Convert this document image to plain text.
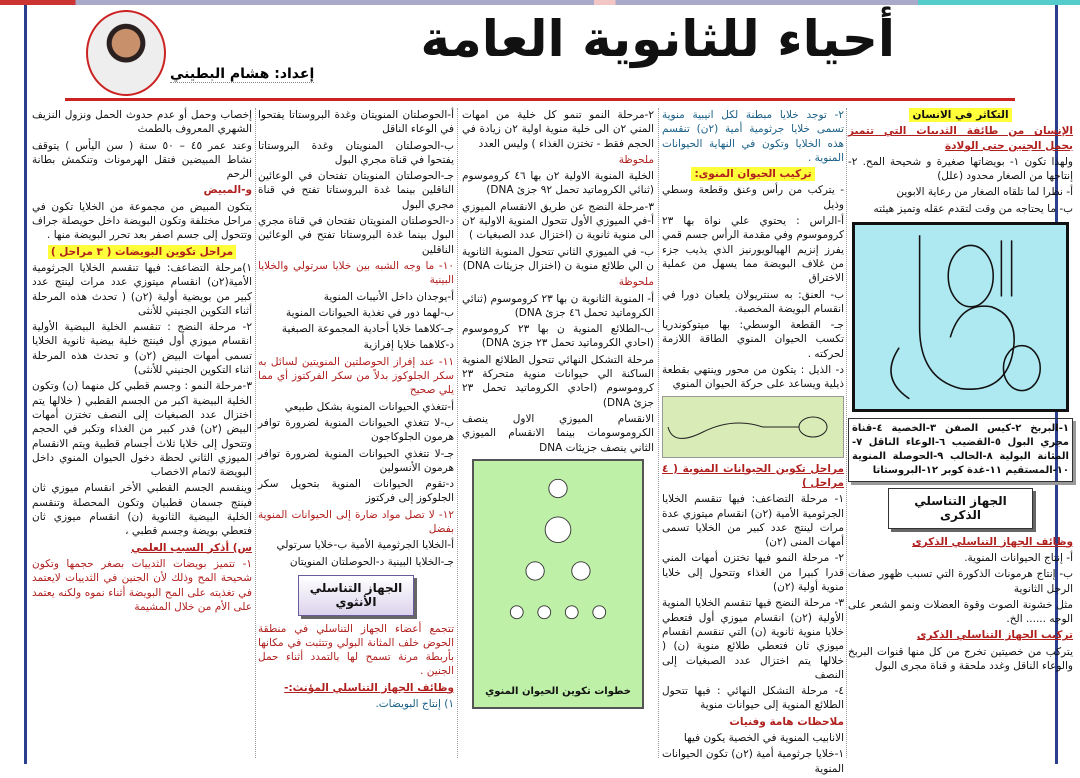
إعداد: هشام البطيني
أحياء للثانوية العامة

التكاثر في الانسان

الإنسان من طائفة الثدييات التي تتميز بحمل الجنين حتى الولادة

ولهذا تكون ١- بويضاتها صغيرة و شحيحة المح. ٢- إنتاجها من الصغار محدود (علل)

أ- نظرا لما تلقاه الصغار من رعاية الابوين

ب- ما يحتاجه من وقت لتقدم عقله وتميز هيئته

١-البربخ ٢-كيس الصفن ٣-الخصية ٤-قناة مجري البول ٥-القضيب ٦-الوعاء الناقل ٧-المثانة البولية ٨-الحالب ٩-الحوصلة المنوية ١٠-المستقيم ١١-غدة كوبر ١٢-البروستاتا
الجهاز التناسلي الذكرى

وظائف الجهاز التناسلي الذكرى

أ- إنتاج الحيوانات المنوية.

ب- إنتاج هرمونات الذكورة التي تسبب ظهور صفات الرجل الثانوية

مثل خشونة الصوت وقوة العضلات ونمو الشعر على الوجه ...... الخ.

تركيب الجهاز التناسلي الذكرى

يتركب من خصيتين تخرج من كل منها قنوات البربخ والوعاء الناقل وغدد ملحقة و قناة مجرى البول

٢- توجد خلايا مبطنة لكل انيبية منوية تسمى خلايا جرثومية أمية (٢ن) تنقسم هذه الخلايا وتكون في النهاية الحيوانات المنوية .

تركيب الحيوان المنوى:

- يتركب من رأس وعنق وقطعة وسطي وذيل

أ-الراس : يحتوي علي نواة بها ٢٣ كروموسوم وفي مقدمة الرأس جسم قمي يفرز إنزيم الهيالويورنيز الذي يذيب جزء من غلاف البويضة مما يسهل من عملية الاختراق

ب- العنق: به سنتريولان يلعبان دورا في انقسام البويضة المخصبة.

جـ- القطعة الوسطي: بها ميتوكوندريا تكسب الحيوان المنوي الطاقة اللازمة لحركته .

د- الذيل : يتكون من محور وينتهي بقطعة ذيلية ويساعد على حركة الحيوان المنوي

مراحل تكوين الحيوانات المنوية ( ٤ مراحل )

١- مرحلة التضاعف: فيها تنقسم الخلايا الجرثومية الأمية (٢ن) انقسام ميتوزي عدة مرات لينتج عدد كبير من الخلايا تسمى أمهات المنى (٢ن)

٢- مرحلة النمو فيها تختزن أمهات المني قدرا كبيرا من الغذاء وتتحول إلى خلايا منوية أولية (٢ن)

٣- مرحلة النضج فيها تنقسم الخلايا المنوية الأولية (٢ن) انقسام ميوزي أول فتعطي خلايا منوية ثانوية (ن) التي تنقسم انقسام ميوزي ثان فتعطي طلائع منوية (ن) ( خلالها يتم اختزال عدد الصبغيات إلى النصف

٤- مرحلة التشكل النهائي : فيها تتحول الطلائع المنوية إلى حيوانات منوية

ملاحظات هامة وفنيات

الانابيب المنوية في الخصية يكون فيها

١-خلايا جرثومية أمية (٢ن) تكون الحيوانات المنوية

٢-مرحلة النمو تنمو كل خلية من امهات المني ٢ن الى خلية منوية اولية ٢ن زيادة في الحجم فقط - تختزن الغذاء ) وليس العدد

ملحوظة

الخلية المنوية الاولية ٢ن بها ٤٦ كروموسوم (ثنائي الكروماتيد تحمل ٩٢ جزئ DNA)

٣-مرحلة النضج عن طريق الانقسام الميوزي أ-في الميوزي الأول تتحول المنوية الاولية ٢ن الى منوية ثانوية ن (اختزال عدد الصبغيات )

ب- في الميوزي الثاني تتحول المنوية الثانوية ن الي طلائع منوية ن (اختزال جزيئات DNA)

ملحوظة

أ- المنوية الثانوية ن بها ٢٣ كروموسوم (ثنائي الكروماتيد تحمل ٤٦ جزئ DNA)

ب-الطلائع المنوية ن بها ٢٣ كروموسوم (احادي الكروماتيد تحمل ٢٣ جزئ DNA)

مرحلة التشكل النهائي تتحول الطلائع المنوية الساكنة الي حيوانات منوية متحركة ٢٣ كروموسوم (احادي الكروماتيد تحمل ٢٣ جزئ DNA)

الانقسام الميوزي الاول ينصف الكروموسومات بينما الانقسام الميوزي الثاني ينصف جزيئات DNA

خطوات تكوين الحيوان المنوي

أ-الحوصلتان المنويتان وغدة البروستاتا يفتحوا في الوعاء الناقل

ب-الحوصلتان المنويتان وغدة البروستاتا يفتحوا في قناة مجري البول

جـ-الحوصلتان المنويتان تفتحان في الوعائين الناقلين بينما غدة البروستاتا تفتح في قناة مجري البول

د-الحوصلتان المنويتان تفتحان في قناة مجري البول بينما غدة البروستاتا تفتح في الوعائين الناقلين

١٠- ما وجه الشبه بين خلايا سرتولي والخلايا البينية

أ-يوجدان داخل الأنيبات المنوية

ب-لهما دور في تغذية الحيوانات المنوية

جـ-كلاهما خلايا أحادية المجموعة الصبغية

د-كلاهما خلايا إفرازية

١١- عند إفراز الحوصلتين المنويتين لسائل به سكر الجلوكوز بدلاً من سكر الفركتوز أي مما يلي صحيح

أ-تتغذي الحيوانات المنوية بشكل طبيعي

ب-لا تتغذي الحيوانات المنوية لضرورة توافر هرمون الجلوكاجون

جـ-لا تتغذي الحيوانات المنوية لضرورة توافر هرمون الأنسولين

د-تقوم الحيوانات المنوية بتحويل سكر الجلوكوز إلى فركتوز

١٢- لا تصل مواد ضارة إلى الحيوانات المنوية بفضل

أ-الخلايا الجرثومية الأمية ب-خلايا سرتولي

جـ-الخلايا البينية د-الحوصلتان المنويتان

الجهاز التناسلي الأنثوي

تتجمع أعضاء الجهاز التناسلي في منطقة الحوض خلف المثانة البولي وتتثبت في مكانها بأربطة مرنة تسمح لها بالتمدد أثناء حمل الجنين .

وظائف الجهاز التناسلي المؤنث:-

١) إنتاج البويضات.

إخصاب وحمل أو عدم حدوث الحمل ونزول النزيف الشهري المعروف بالطمث

وعند عمر ٤٥ – ٥٠ سنة ( سن اليأس ) يتوقف نشاط المبيضين فتقل الهرمونات وتنكمش بطانة الرحم

و-المبيض

يتكون المبيض من مجموعة من الخلايا تكون في مراحل مختلفة وتكون البويضة داخل حويصلة جراف وتتحول إلى جسم اصفر بعد تحرر البويضة منها .

مراحل تكوين البويضات ( ٣ مراحل )

١)مرحلة التضاعف: فيها تنقسم الخلايا الجرثومية الأمية(٢ن) انقسام ميتوزي عدد مرات لينتج عدد كبير من بويضية أولية (٢ن) ( تحدث هذه المرحلة أثناء التكوين الجنيني للأنثى

٢- مرحلة النضج : تنقسم الخلية البيضية الأولية انقسام ميوزي أول فينتج خلية بيضية ثانوية الخلايا تسمى أمهات البيض (٢ن) و تحدث هذه المرحلة اثناء التكوين الجنيني للأنثى)

٣-مرحلة النمو : وجسم قطبي كل منهما (ن) وتكون الخلية البيضية اكبر من الجسم القطبي ( خلالها يتم اختزال عدد الصبغيات إلى النصف تختزن أمهات البيض (٢ن) قدر كبير من الغذاء وتكبر في الحجم وتتحول إلى خلايا ثلاث أجسام قطبية ويتم الانقسام الميوزي الثاني لحظة دخول الحيوان المنوي داخل البويضة لاتمام الاخصاب

وينقسم الجسم القطبي الأخر انقسام ميوزي ثان فينتج جسمان قطبيان وتكون المحصلة وتنقسم الخلية البيضية الثانوية (ن) انقسام ميوزي ثان فتعطي بويضة وجسم قطبي ،

س) أذكر السبب العلمي

١- تتميز بويضات الثدييات بصغر حجمها وتكون شحيحة المح وذلك لأن الجنين في الثدييات لايعتمد في تغذيته على المح البويضة أثناء نموه ولكنه يعتمد على الأم من خلال المشيمة
